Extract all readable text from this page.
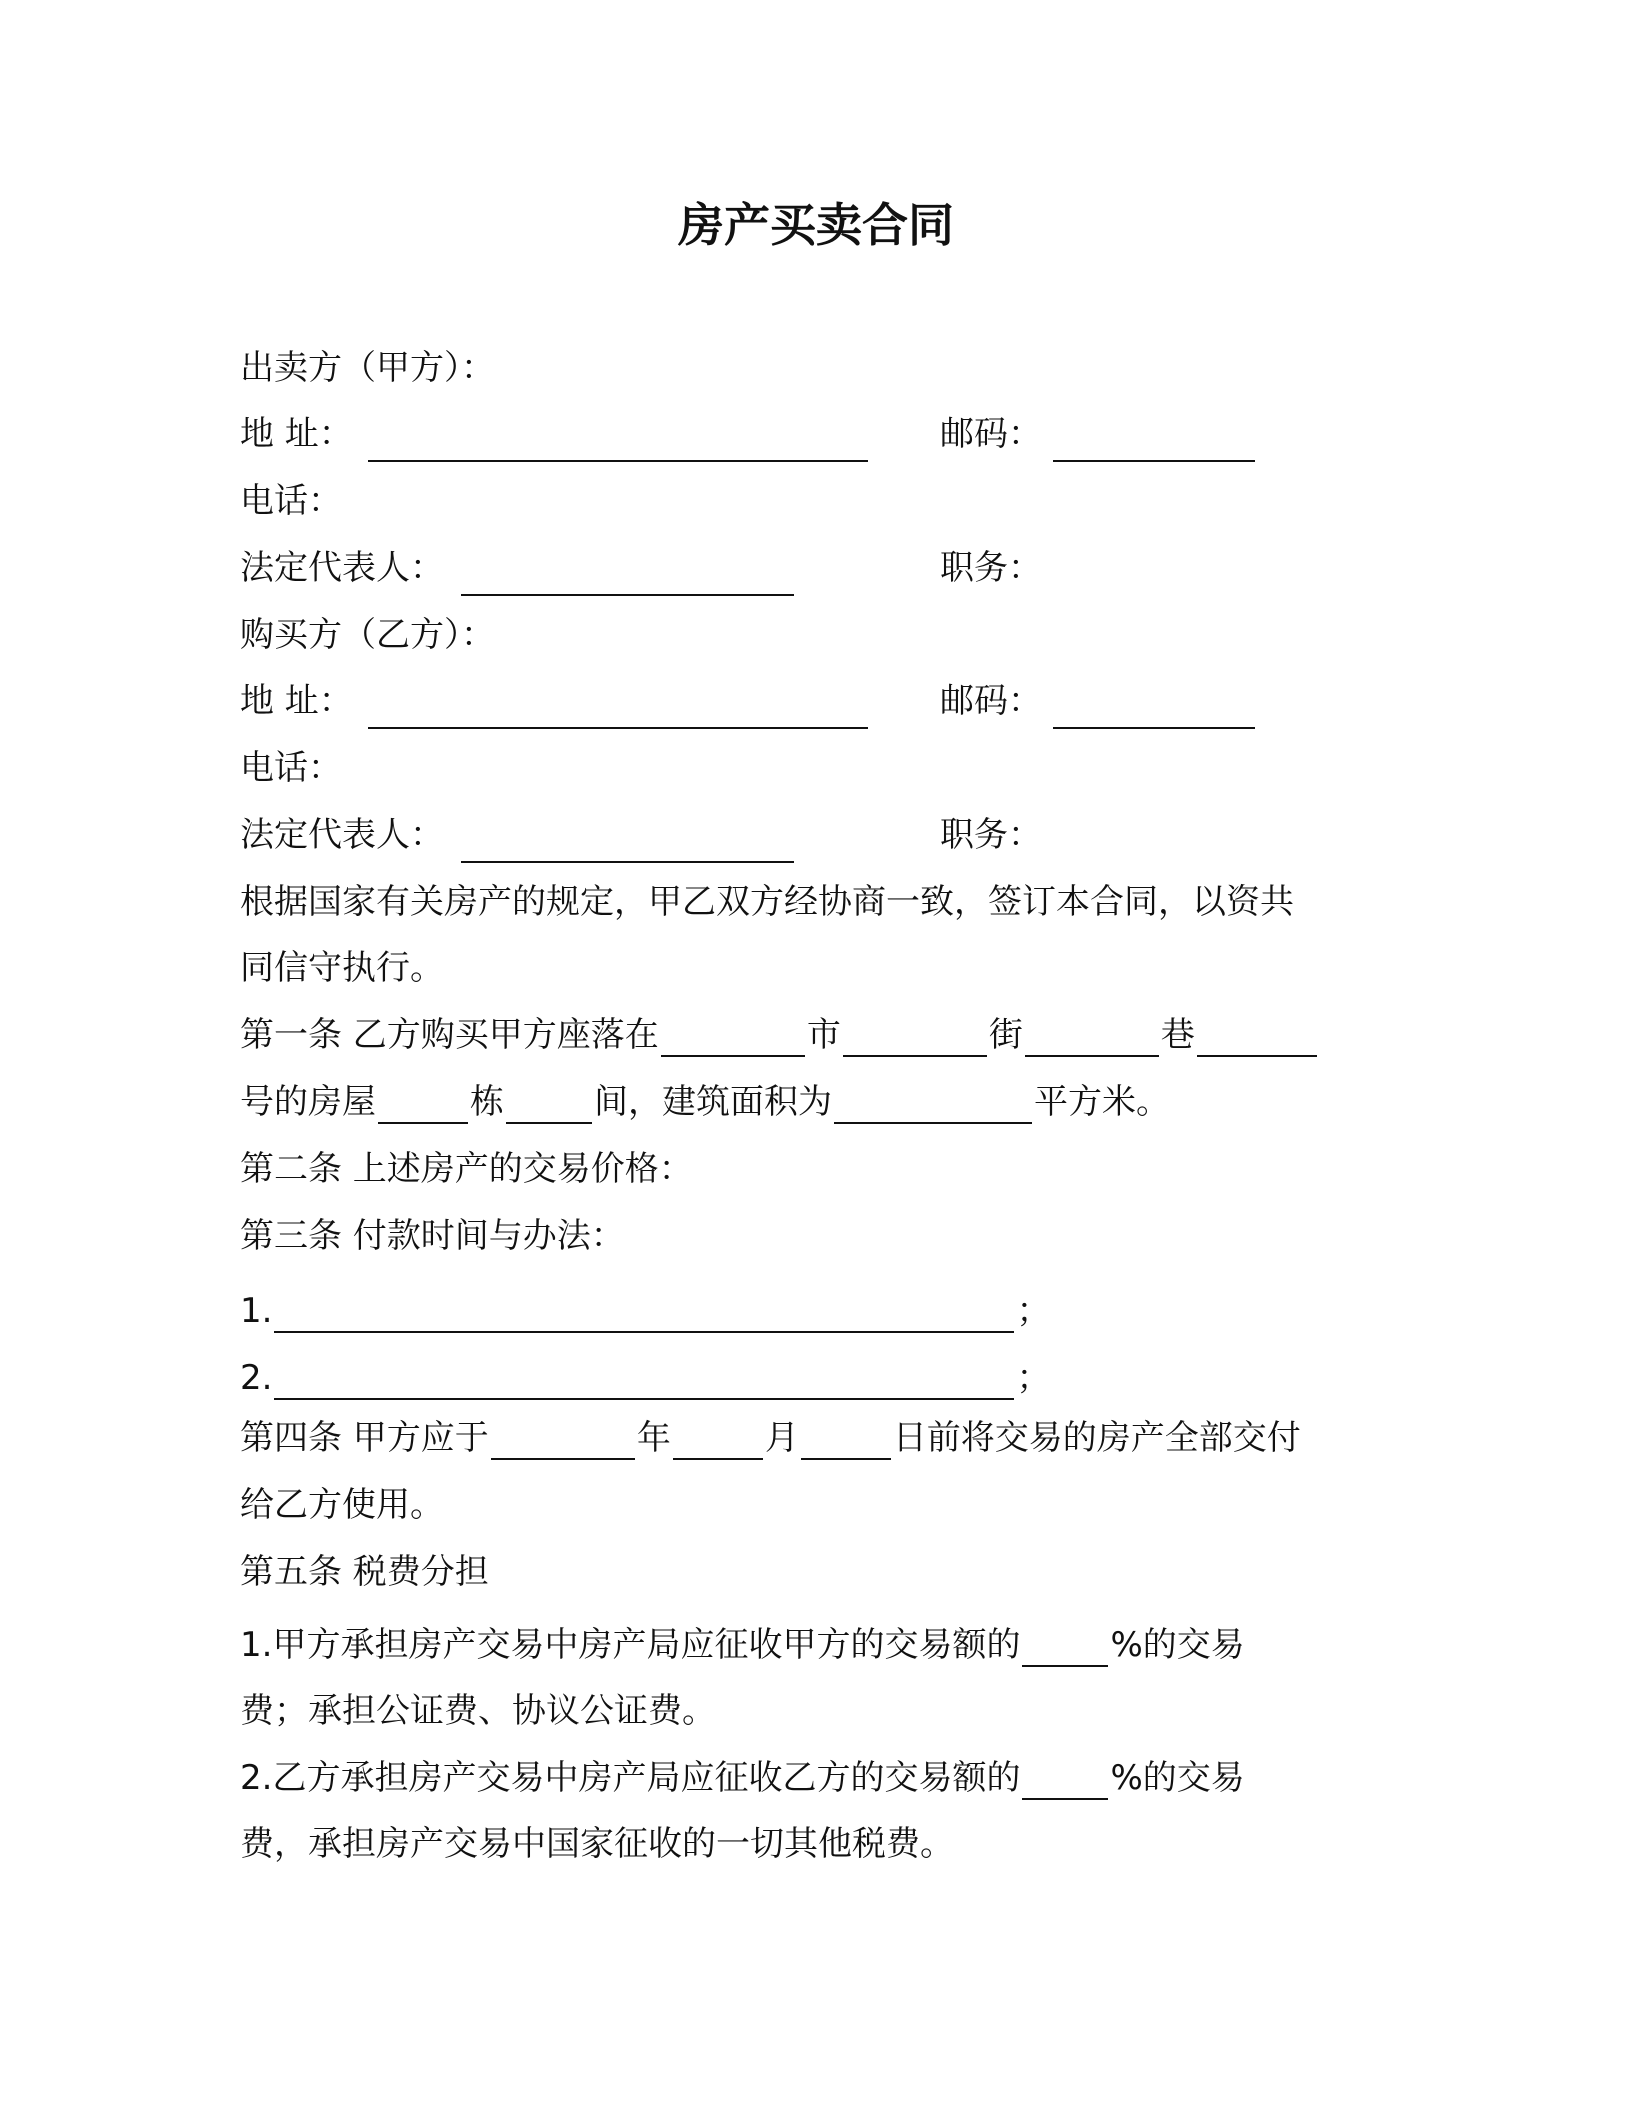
房产买卖合同
出卖方（甲方）：
地 址：	邮码：
电话：
法定代表人：	职务：
购买方（乙方）：
地 址：	邮码：
电话：
法定代表人：	职务：
根据国家有关房产的规定，甲乙双方经协商一致，签订本合同，以资共
同信守执行。
第一条 乙方购买甲方座落在	市	街	巷
号的房屋	栋	间，建筑面积为	平方米。
第二条 上述房产的交易价格：
第三条 付款时间与办法：
1.	；
2.	；
第四条 甲方应于	年	月	日前将交易的房产全部交付
给乙方使用。
第五条 税费分担
1.甲方承担房产交易中房产局应征收甲方的交易额的	%的交易
费；承担公证费、协议公证费。
2.乙方承担房产交易中房产局应征收乙方的交易额的	%的交易
费，承担房产交易中国家征收的一切其他税费。
